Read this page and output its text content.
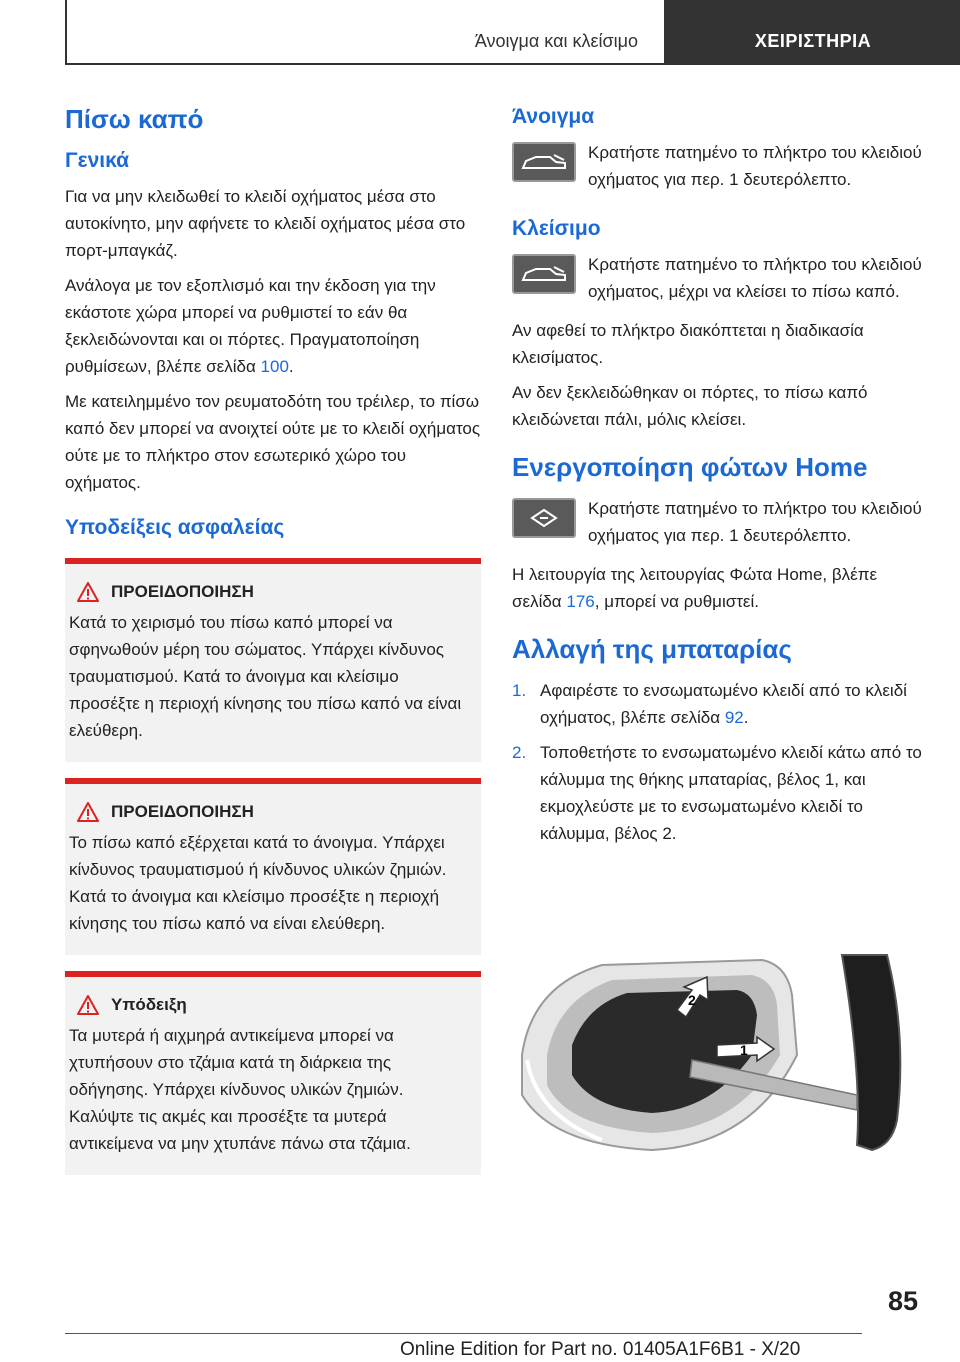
Άνοιγμα και κλείσιμο	ΧΕΙΡΙΣΤΗΡΙΑ
Πίσω καπό
Γενικά

Για να μην κλειδωθεί το κλειδί οχήματος μέσα στο αυτοκίνητο, μην αφήνετε το κλειδί οχήματος μέσα στο πορτ-μπαγκάζ.

Ανάλογα με τον εξοπλισμό και την έκδοση για την εκάστοτε χώρα μπορεί να ρυθμιστεί το εάν θα ξεκλειδώνονται και οι πόρτες. Πραγματοποίηση ρυθμίσεων, βλέπε σελίδα 100.

Με κατειλημμένο τον ρευματοδότη του τρέιλερ, το πίσω καπό δεν μπορεί να ανοιχτεί ούτε με το κλειδί οχήματος ούτε με το πλήκτρο στον εσωτερικό χώρο του οχήματος.

Υποδείξεις ασφαλείας
ΠΡΟΕΙΔΟΠΟΙΗΣΗ
Κατά το χειρισμό του πίσω καπό μπορεί να σφηνωθούν μέρη του σώματος. Υπάρχει κίνδυνος τραυματισμού. Κατά το άνοιγμα και κλείσιμο προσέξτε η περιοχή κίνησης του πίσω καπό να είναι ελεύθερη.
ΠΡΟΕΙΔΟΠΟΙΗΣΗ
Το πίσω καπό εξέρχεται κατά το άνοιγμα. Υπάρχει κίνδυνος τραυματισμού ή κίνδυνος υλικών ζημιών. Κατά το άνοιγμα και κλείσιμο προσέξτε η περιοχή κίνησης του πίσω καπό να είναι ελεύθερη.
Υπόδειξη
Τα μυτερά ή αιχμηρά αντικείμενα μπορεί να χτυπήσουν στο τζάμια κατά τη διάρκεια της οδήγησης. Υπάρχει κίνδυνος υλικών ζημιών. Καλύψτε τις ακμές και προσέξτε τα μυτερά αντικείμενα να μην χτυπάνε πάνω στα τζάμια.
Άνοιγμα
Κρατήστε πατημένο το πλήκτρο του κλειδιού οχήματος για περ. 1 δευτερόλεπτο.
Κλείσιμο
Κρατήστε πατημένο το πλήκτρο του κλειδιού οχήματος, μέχρι να κλείσει το πίσω καπό.

Αν αφεθεί το πλήκτρο διακόπτεται η διαδικασία κλεισίματος.

Αν δεν ξεκλειδώθηκαν οι πόρτες, το πίσω καπό κλειδώνεται πάλι, μόλις κλείσει.

Ενεργοποίηση φώτων Home
Κρατήστε πατημένο το πλήκτρο του κλειδιού οχήματος για περ. 1 δευτερόλεπτο.

Η λειτουργία της λειτουργίας Φώτα Home, βλέπε σελίδα 176, μπορεί να ρυθμιστεί.

Αλλαγή της μπαταρίας
1. Αφαιρέστε το ενσωματωμένο κλειδί από το κλειδί οχήματος, βλέπε σελίδα 92.
2. Τοποθετήστε το ενσωματωμένο κλειδί κάτω από το κάλυμμα της θήκης μπαταρίας, βέλος 1, και εκμοχλεύστε με το ενσωματωμένο κλειδί το κάλυμμα, βέλος 2.
1
2
85
Online Edition for Part no. 01405A1F6B1 - X/20
